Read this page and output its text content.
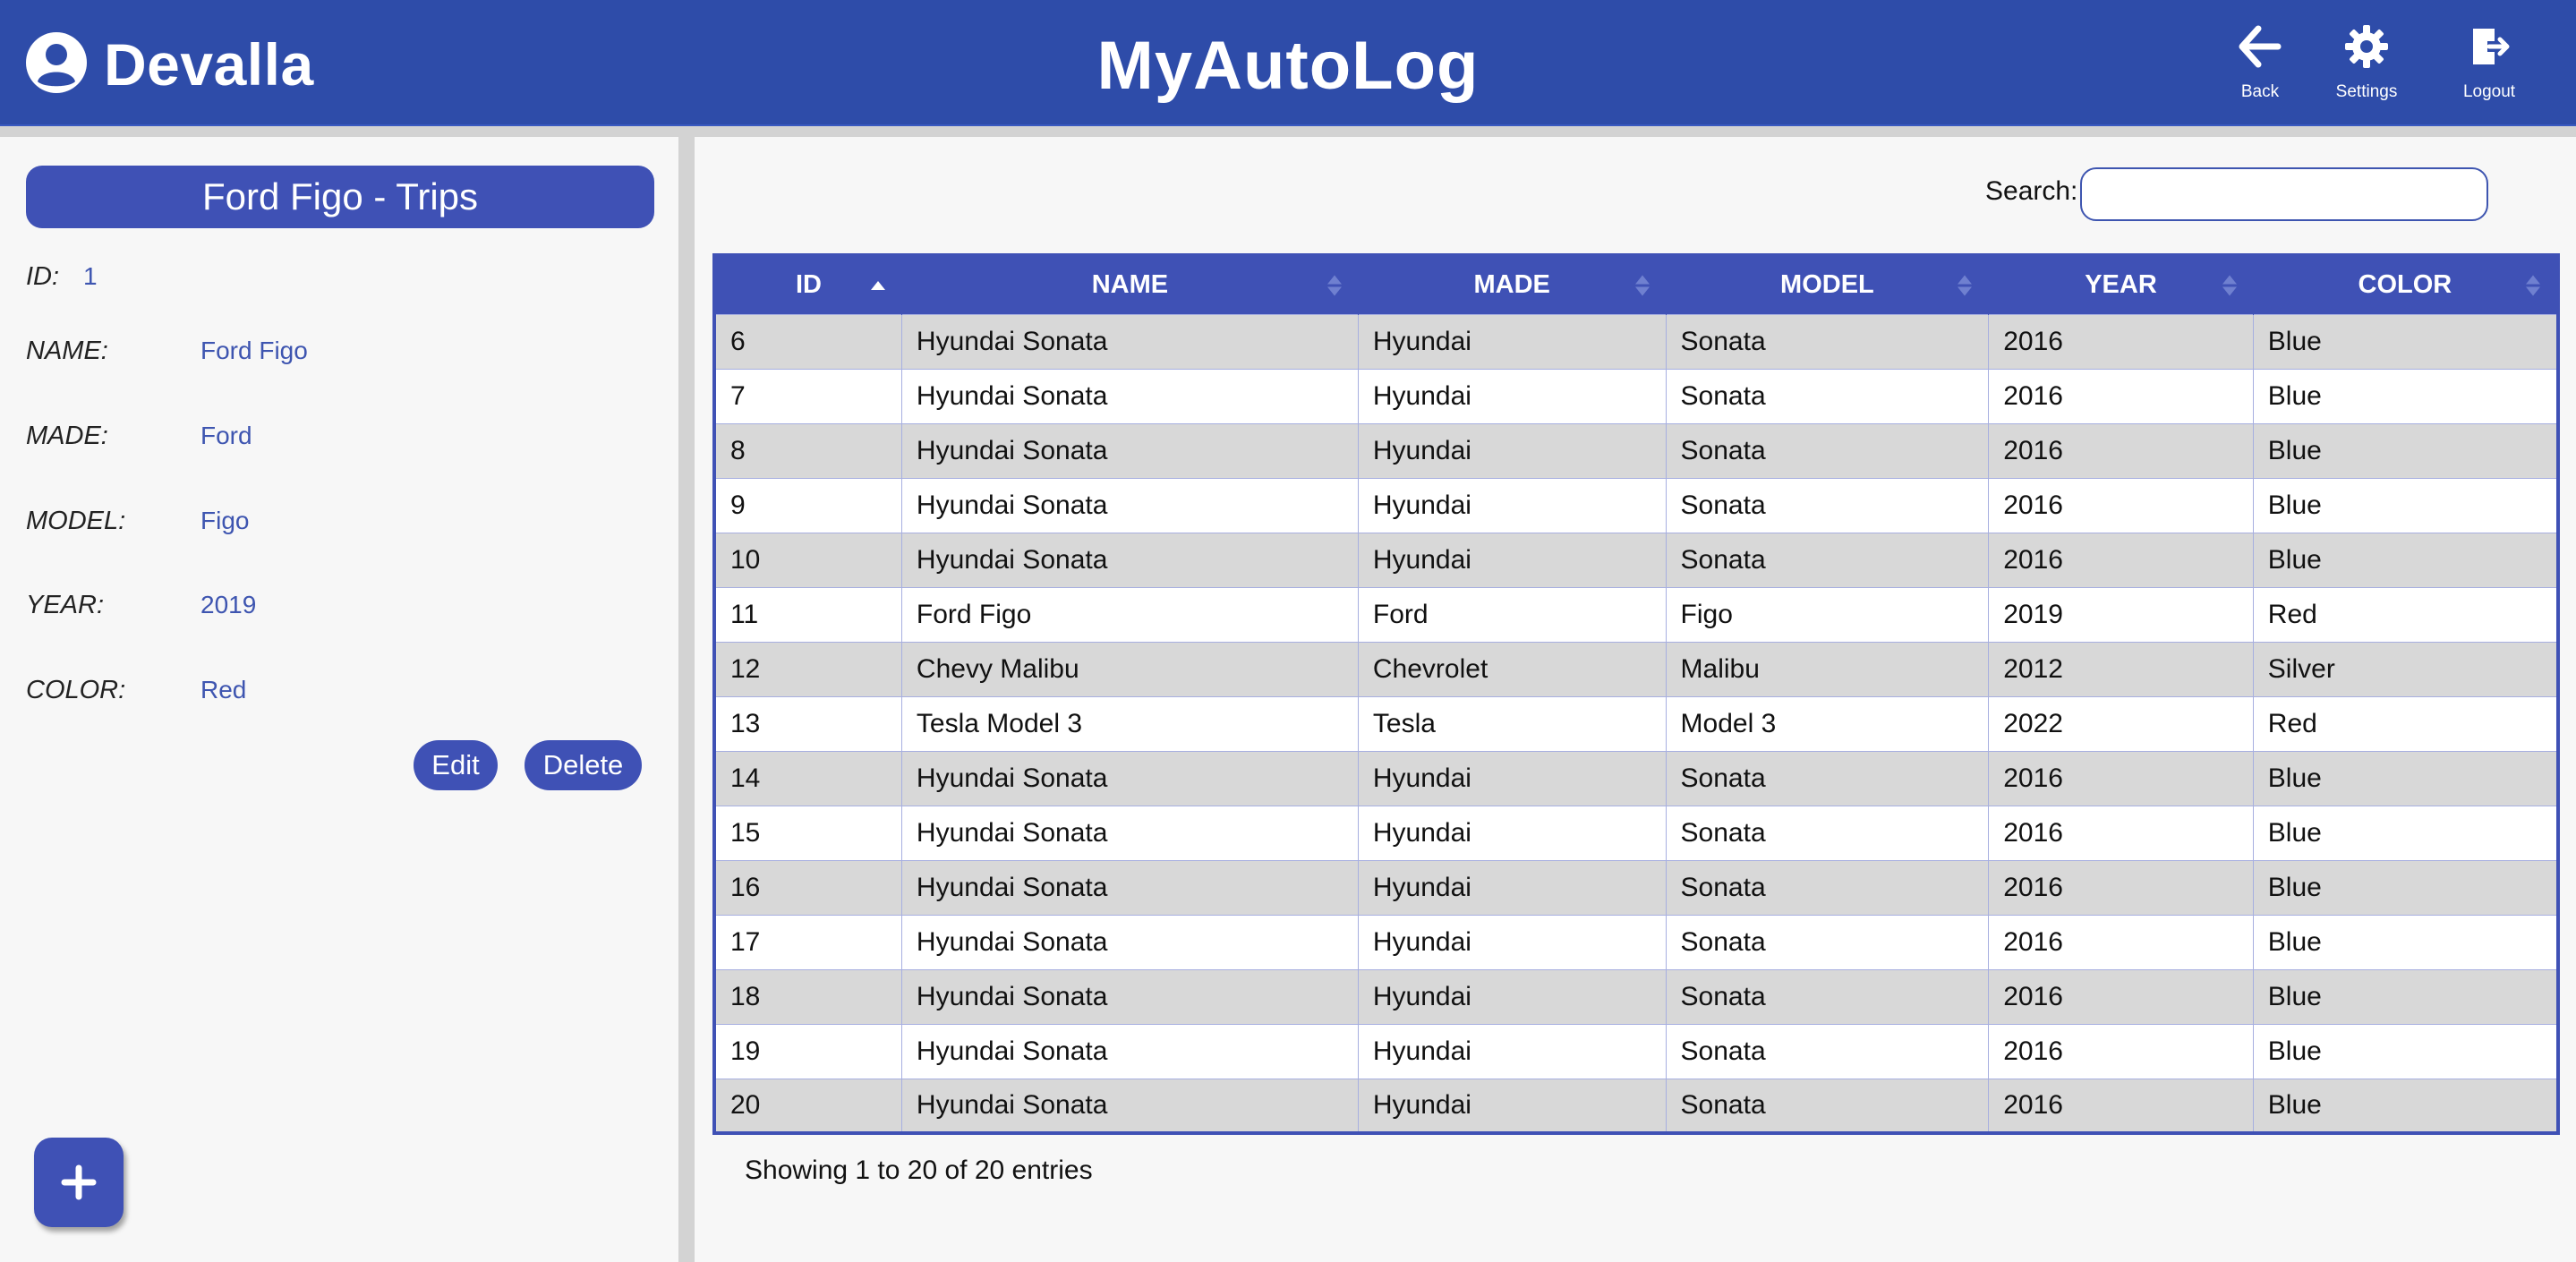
Devalla	MyAutoLog	Back	Settings	Logout
Ford Figo - Trips
ID: 1
NAME:	Ford Figo
MADE:	Ford
MODEL:	Figo
YEAR:	2019
COLOR:	Red
Edit	Delete
Search:
ID	NAME	MADE	MODEL	YEAR	COLOR

6	Hyundai Sonata	Hyundai	Sonata	2016	Blue
7	Hyundai Sonata	Hyundai	Sonata	2016	Blue
8	Hyundai Sonata	Hyundai	Sonata	2016	Blue
9	Hyundai Sonata	Hyundai	Sonata	2016	Blue
10	Hyundai Sonata	Hyundai	Sonata	2016	Blue
11	Ford Figo	Ford	Figo	2019	Red
12	Chevy Malibu	Chevrolet	Malibu	2012	Silver
13	Tesla Model 3	Tesla	Model 3	2022	Red
14	Hyundai Sonata	Hyundai	Sonata	2016	Blue
15	Hyundai Sonata	Hyundai	Sonata	2016	Blue
16	Hyundai Sonata	Hyundai	Sonata	2016	Blue
17	Hyundai Sonata	Hyundai	Sonata	2016	Blue
18	Hyundai Sonata	Hyundai	Sonata	2016	Blue
19	Hyundai Sonata	Hyundai	Sonata	2016	Blue
20	Hyundai Sonata	Hyundai	Sonata	2016	Blue
Showing 1 to 20 of 20 entries
